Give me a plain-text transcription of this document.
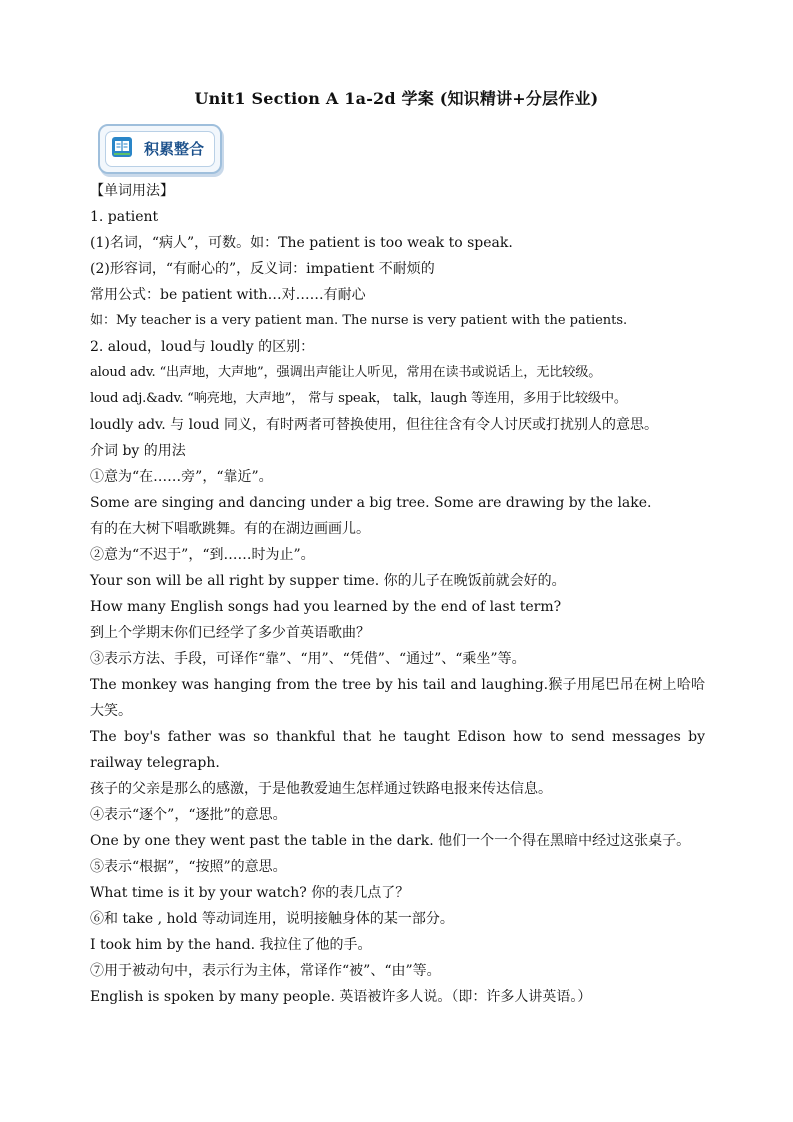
Unit1 Section A 1a-2d 学案 (知识精讲+分层作业)
积累整合

【单词用法】

1. patient

(1)名词，“病人”，可数。如：The patient is too weak to speak.

(2)形容词，“有耐心的”，反义词：impatient 不耐烦的

常用公式：be patient with…对……有耐心

如：My teacher is a very patient man. The nurse is very patient with the patients.

2. aloud，loud与 loudly 的区别：

aloud adv. “出声地，大声地”，强调出声能让人听见，常用在读书或说话上，无比较级。

loud adj.&adv. “响亮地，大声地”， 常与 speak， talk，laugh 等连用，多用于比较级中。

loudly adv. 与 loud 同义，有时两者可替换使用，但往往含有令人讨厌或打扰别人的意思。

介词 by 的用法

①意为“在……旁”，“靠近”。

Some are singing and dancing under a big tree. Some are drawing by the lake.

有的在大树下唱歌跳舞。有的在湖边画画儿。

②意为“不迟于”，“到……时为止”。

Your son will be all right by supper time. 你的儿子在晚饭前就会好的。

How many English songs had you learned by the end of last term?

到上个学期末你们已经学了多少首英语歌曲？

③表示方法、手段，可译作“靠”、“用”、“凭借”、“通过”、“乘坐”等。

The monkey was hanging from the tree by his tail and laughing.猴子用尾巴吊在树上哈哈大笑。

The boy's father was so thankful that he taught Edison how to send messages by railway telegraph.

孩子的父亲是那么的感激，于是他教爱迪生怎样通过铁路电报来传达信息。

④表示“逐个”，“逐批”的意思。

One by one they went past the table in the dark. 他们一个一个得在黑暗中经过这张桌子。

⑤表示“根据”，“按照”的意思。

What time is it by your watch? 你的表几点了？

⑥和 take , hold 等动词连用，说明接触身体的某一部分。

I took him by the hand. 我拉住了他的手。

⑦用于被动句中，表示行为主体，常译作“被”、“由”等。

English is spoken by many people. 英语被许多人说。（即：许多人讲英语。）
